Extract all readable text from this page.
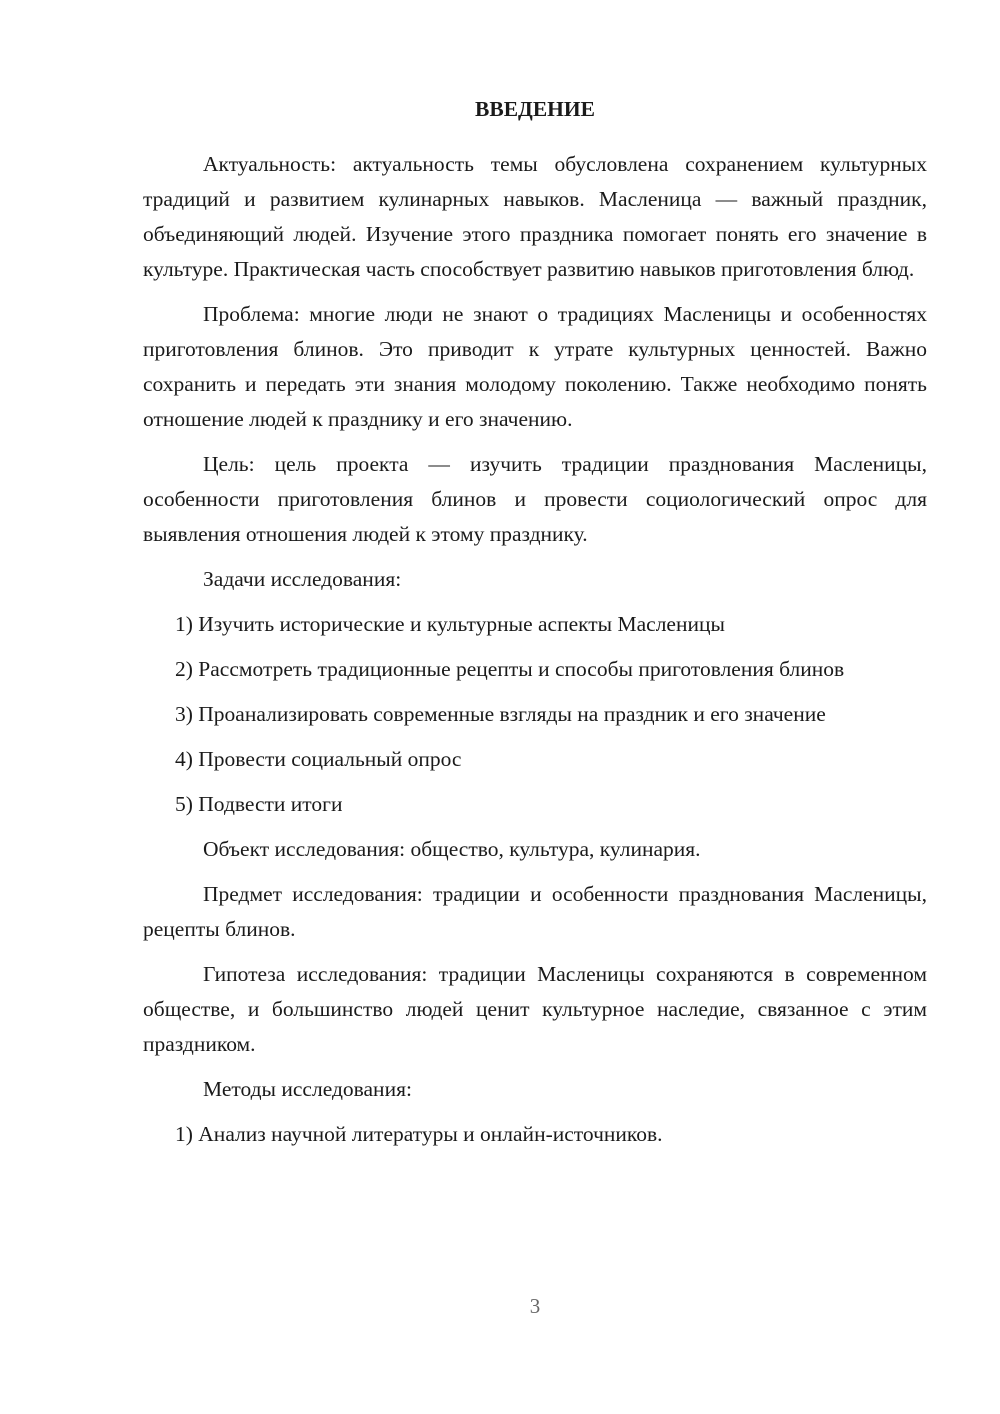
ВВЕДЕНИЕ

Актуальность: актуальность темы обусловлена сохранением культурных традиций и развитием кулинарных навыков. Масленица — важный праздник, объединяющий людей. Изучение этого праздника помогает понять его значение в культуре. Практическая часть способствует развитию навыков приготовления блюд.

Проблема: многие люди не знают о традициях Масленицы и особенностях приготовления блинов. Это приводит к утрате культурных ценностей. Важно сохранить и передать эти знания молодому поколению. Также необходимо понять отношение людей к празднику и его значению.

Цель: цель проекта — изучить традиции празднования Масленицы, особенности приготовления блинов и провести социологический опрос для выявления отношения людей к этому празднику.

Задачи исследования:

1) Изучить исторические и культурные аспекты Масленицы

2) Рассмотреть традиционные рецепты и способы приготовления блинов

3) Проанализировать современные взгляды на праздник и его значение

4) Провести социальный опрос

5) Подвести итоги

Объект исследования: общество, культура, кулинария.

Предмет исследования: традиции и особенности празднования Масленицы, рецепты блинов.

Гипотеза исследования: традиции Масленицы сохраняются в современном обществе, и большинство людей ценит культурное наследие, связанное с этим праздником.

Методы исследования:

1) Анализ научной литературы и онлайн-источников.

3
